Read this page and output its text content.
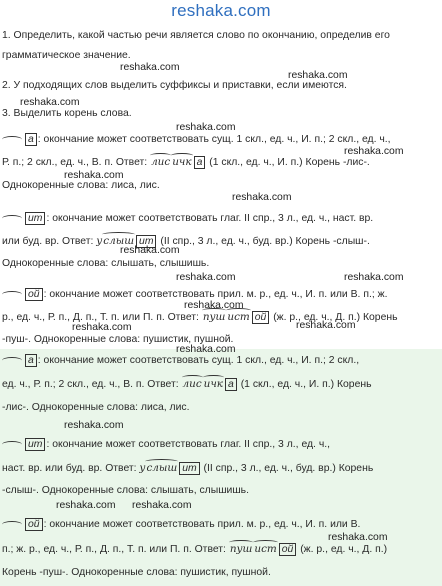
reshaka.com
1. Определить, какой частью речи является слово по окончанию, определив его
грамматическое значение.
2. У подходящих слов выделить суффиксы и приставки, если имеются.
3. Выделить корень слова.
а : окончание может соответствовать сущ. 1 скл., ед. ч., И. п.; 2 скл., ед. ч.,
Р. п.; 2 скл., ед. ч., В. п. Ответ: лис ичк а (1 скл., ед. ч., И. п.) Корень -лис-.
Однокоренные слова: лиса, лис.
ит : окончание может соответствовать глаг. II спр., 3 л., ед. ч., наст. вр.
или буд. вр. Ответ: услыш ит (II спр., 3 л., ед. ч., буд. вр.) Корень -слыш-.
Однокоренные слова: слышать, слышишь.
ой : окончание может соответствовать прил. м. р., ед. ч., И. п. или В. п.; ж.
р., ед. ч., Р. п., Д. п., Т. п. или П. п. Ответ: пуш ист ой (ж. р., ед. ч., Д. п.) Корень
-пуш-. Однокоренные слова: пушистик, пушной.
а : окончание может соответствовать сущ. 1 скл., ед. ч., И. п.; 2 скл.,
ед. ч., Р. п.; 2 скл., ед. ч., В. п. Ответ: лис ичк а (1 скл., ед. ч., И. п.) Корень
-лис-. Однокоренные слова: лиса, лис.
ит : окончание может соответствовать глаг. II спр., 3 л., ед. ч.,
наст. вр. или буд. вр. Ответ: услыш ит (II спр., 3 л., ед. ч., буд. вр.) Корень
-слыш-. Однокоренные слова: слышать, слышишь.
ой : окончание может соответствовать прил. м. р., ед. ч., И. п. или В.
п.; ж. р., ед. ч., Р. п., Д. п., Т. п. или П. п. Ответ: пуш ист ой (ж. р., ед. ч., Д. п.)
Корень -пуш-. Однокоренные слова: пушистик, пушной.
reshaka.com
reshaka.com
reshaka.com
reshaka.com
reshaka.com
reshaka.com
reshaka.com
reshaka.com
reshaka.com	reshaka.com
reshaka.com
reshaka.com	reshaka.com
reshaka.com
reshaka.com
reshaka.com reshaka.com
reshaka.com
